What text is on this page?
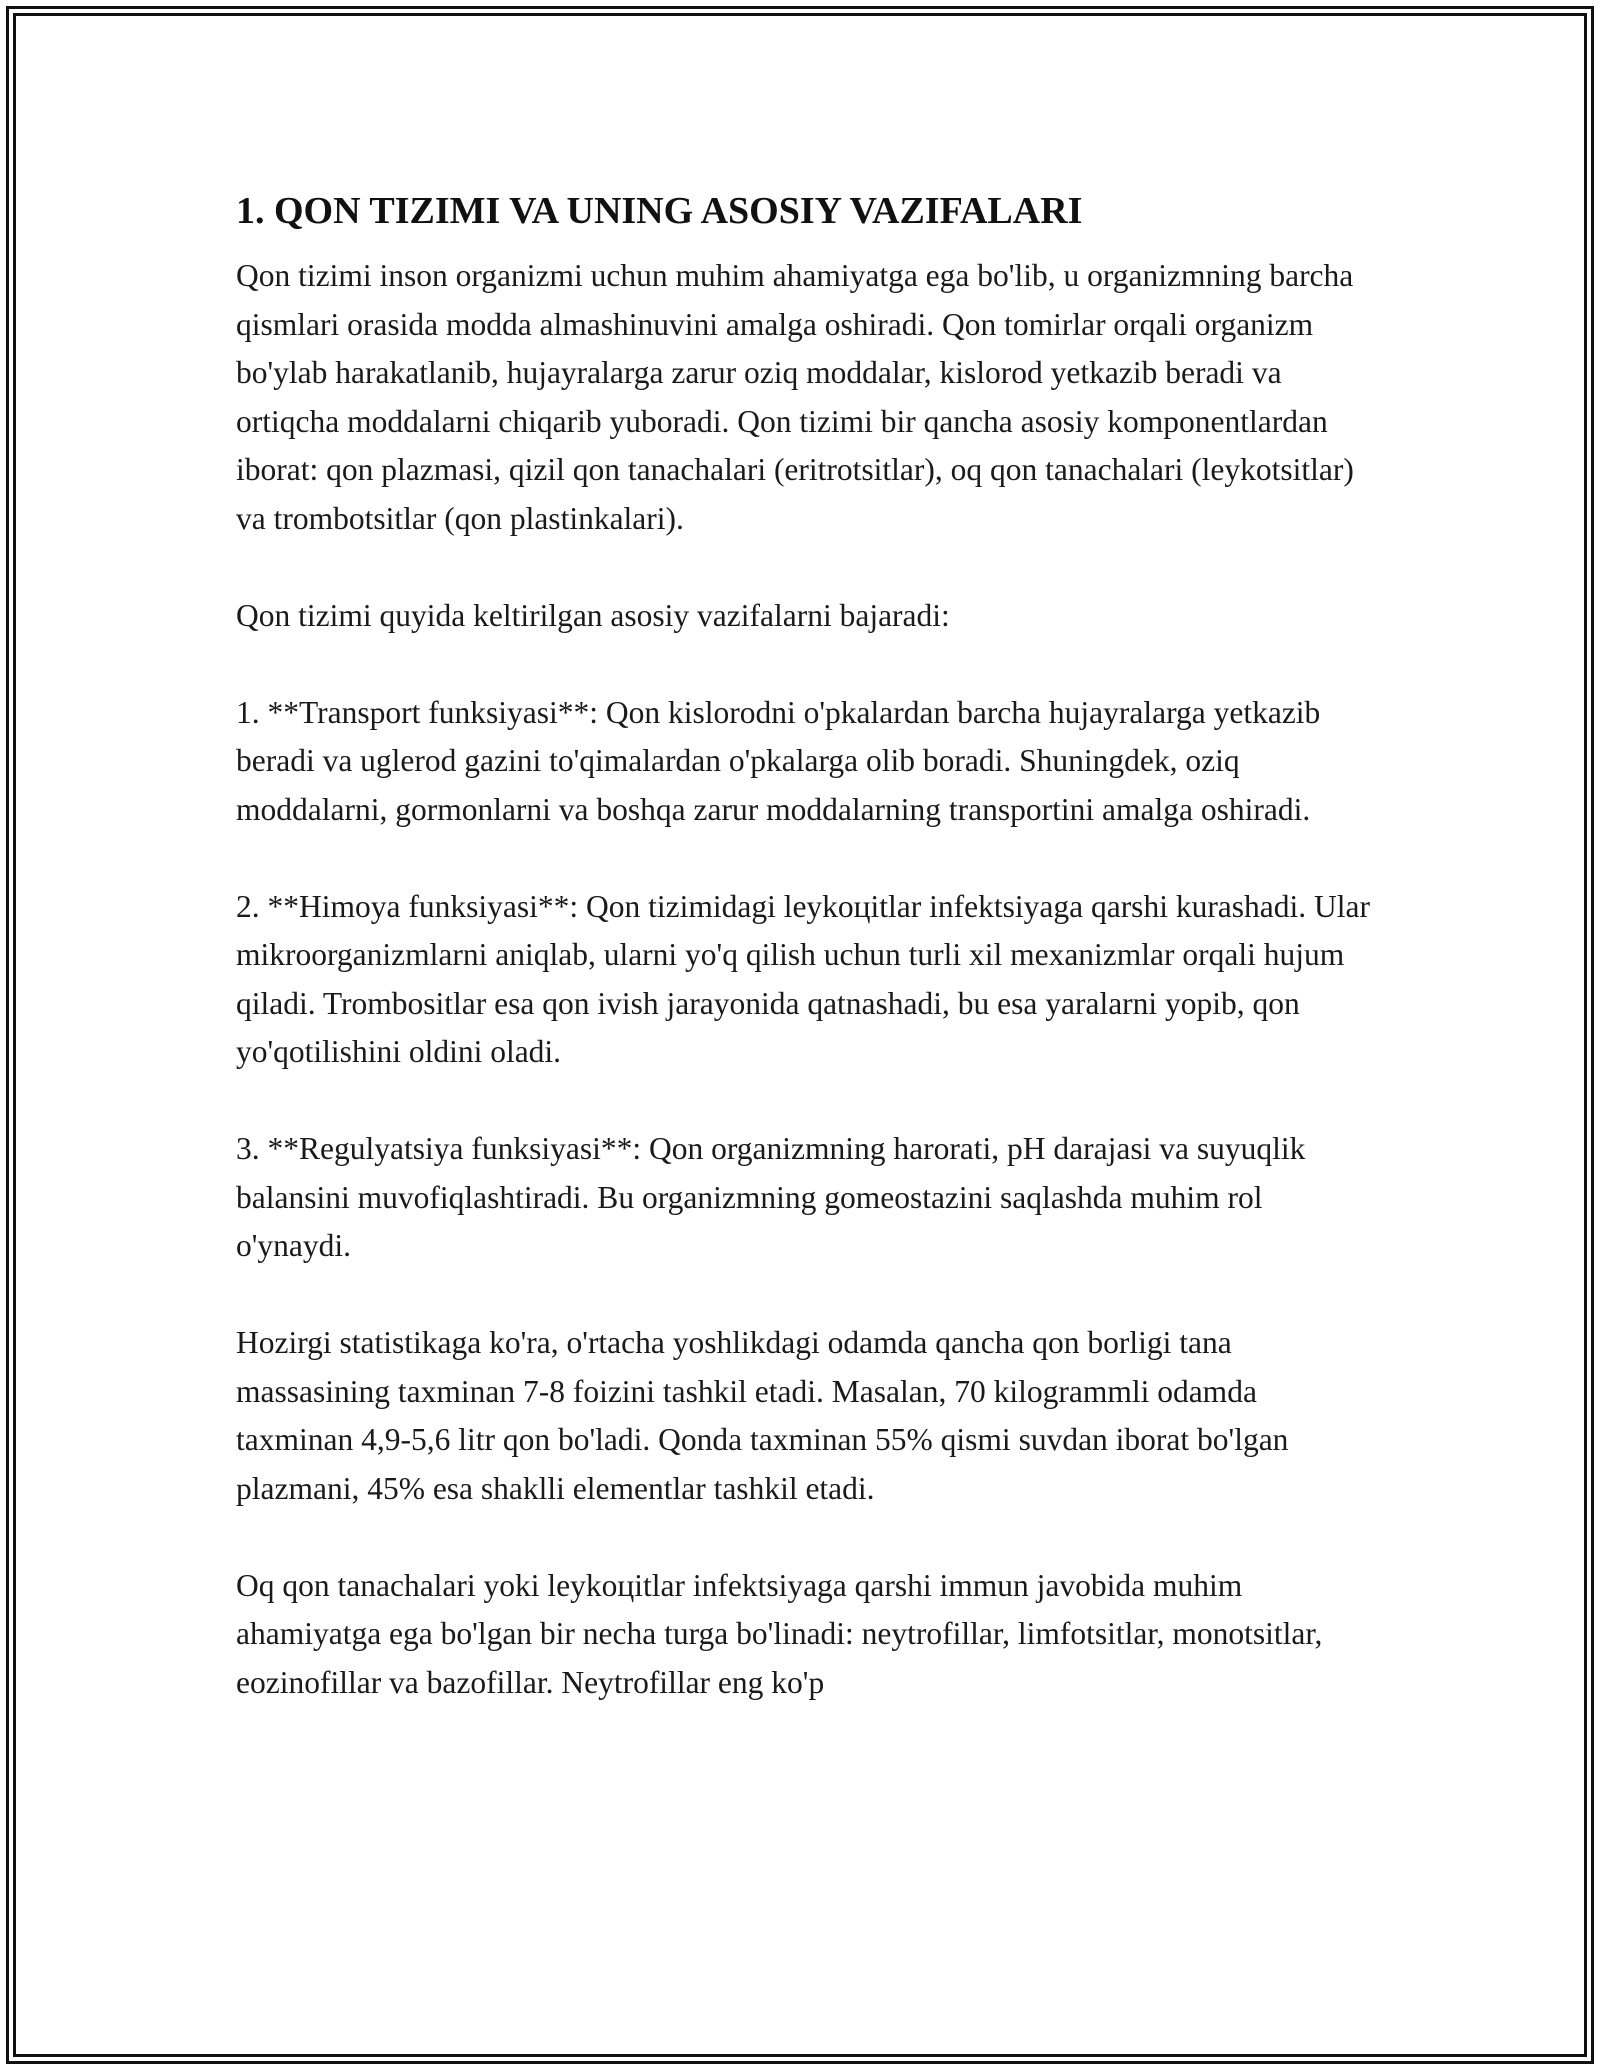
1. QON TIZIMI VA UNING ASOSIY VAZIFALARI

Qon tizimi inson organizmi uchun muhim ahamiyatga ega bo'lib, u organizmning barcha qismlari orasida modda almashinuvini amalga oshiradi. Qon tomirlar orqali organizm bo'ylab harakatlanib, hujayralarga zarur oziq moddalar, kislorod yetkazib beradi va ortiqcha moddalarni chiqarib yuboradi. Qon tizimi bir qancha asosiy komponentlardan iborat: qon plazmasi, qizil qon tanachalari (eritrotsitlar), oq qon tanachalari (leykotsitlar) va trombotsitlar (qon plastinkalari).

Qon tizimi quyida keltirilgan asosiy vazifalarni bajaradi:

1. **Transport funksiyasi**: Qon kislorodni o'pkalardan barcha hujayralarga yetkazib beradi va uglerod gazini to'qimalardan o'pkalarga olib boradi. Shuningdek, oziq moddalarni, gormonlarni va boshqa zarur moddalarning transportini amalga oshiradi.

2. **Himoya funksiyasi**: Qon tizimidagi leykoцitlar infektsiyaga qarshi kurashadi. Ular mikroorganizmlarni aniqlab, ularni yo'q qilish uchun turli xil mexanizmlar orqali hujum qiladi. Trombositlar esa qon ivish jarayonida qatnashadi, bu esa yaralarni yopib, qon yo'qotilishini oldini oladi.

3. **Regulyatsiya funksiyasi**: Qon organizmning harorati, pH darajasi va suyuqlik balansini muvofiqlashtiradi. Bu organizmning gomeostazini saqlashda muhim rol o'ynaydi.

Hozirgi statistikaga ko'ra, o'rtacha yoshlikdagi odamda qancha qon borligi tana massasining taxminan 7-8 foizini tashkil etadi. Masalan, 70 kilogrammli odamda taxminan 4,9-5,6 litr qon bo'ladi. Qonda taxminan 55% qismi suvdan iborat bo'lgan plazmani, 45% esa shaklli elementlar tashkil etadi.

Oq qon tanachalari yoki leykoцitlar infektsiyaga qarshi immun javobida muhim ahamiyatga ega bo'lgan bir necha turga bo'linadi: neytrofillar, limfotsitlar, monotsitlar, eozinofillar va bazofillar. Neytrofillar eng ko'p
